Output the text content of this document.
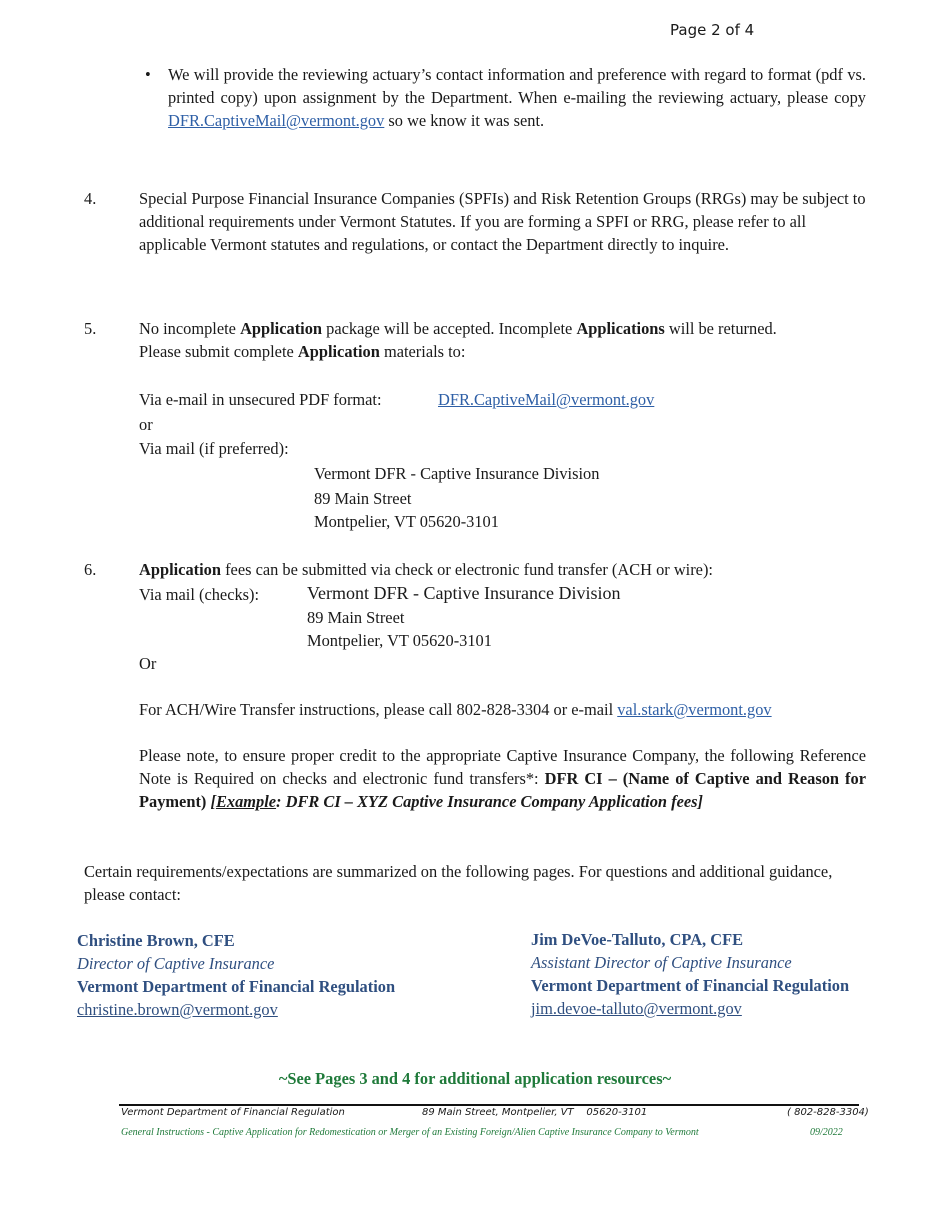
Page 2 of 4
• We will provide the reviewing actuary’s contact information and preference with regard to format (pdf vs. printed copy) upon assignment by the Department. When e-mailing the reviewing actuary, please copy DFR.CaptiveMail@vermont.gov so we know it was sent.
4.	Special Purpose Financial Insurance Companies (SPFIs) and Risk Retention Groups (RRGs) may be subject to additional requirements under Vermont Statutes. If you are forming a SPFI or RRG, please refer to all applicable Vermont statutes and regulations, or contact the Department directly to inquire.
5.	No incomplete Application package will be accepted. Incomplete Applications will be returned.
Please submit complete Application materials to:
Via e-mail in unsecured PDF format:	DFR.CaptiveMail@vermont.gov
or
Via mail (if preferred):
Vermont DFR - Captive Insurance Division
89 Main Street
Montpelier, VT 05620-3101
6.	Application fees can be submitted via check or electronic fund transfer (ACH or wire):
Via mail (checks):	Vermont DFR - Captive Insurance Division
89 Main Street
Montpelier, VT 05620-3101
Or
For ACH/Wire Transfer instructions, please call 802-828-3304 or e-mail val.stark@vermont.gov
Please note, to ensure proper credit to the appropriate Captive Insurance Company, the following Reference Note is Required on checks and electronic fund transfers*: DFR CI – (Name of Captive and Reason for Payment) [Example: DFR CI – XYZ Captive Insurance Company Application fees]
Certain requirements/expectations are summarized on the following pages. For questions and additional guidance, please contact:
Christine Brown, CFE
Director of Captive Insurance
Vermont Department of Financial Regulation
christine.brown@vermont.gov
Jim DeVoe-Talluto, CPA, CFE
Assistant Director of Captive Insurance
Vermont Department of Financial Regulation
jim.devoe-talluto@vermont.gov
~See Pages 3 and 4 for additional application resources~
Vermont Department of Financial Regulation	89 Main Street, Montpelier, VT    05620-3101	( 802-828-3304)
General Instructions - Captive Application for Redomestication or Merger of an Existing Foreign/Alien Captive Insurance Company to Vermont	09/2022
